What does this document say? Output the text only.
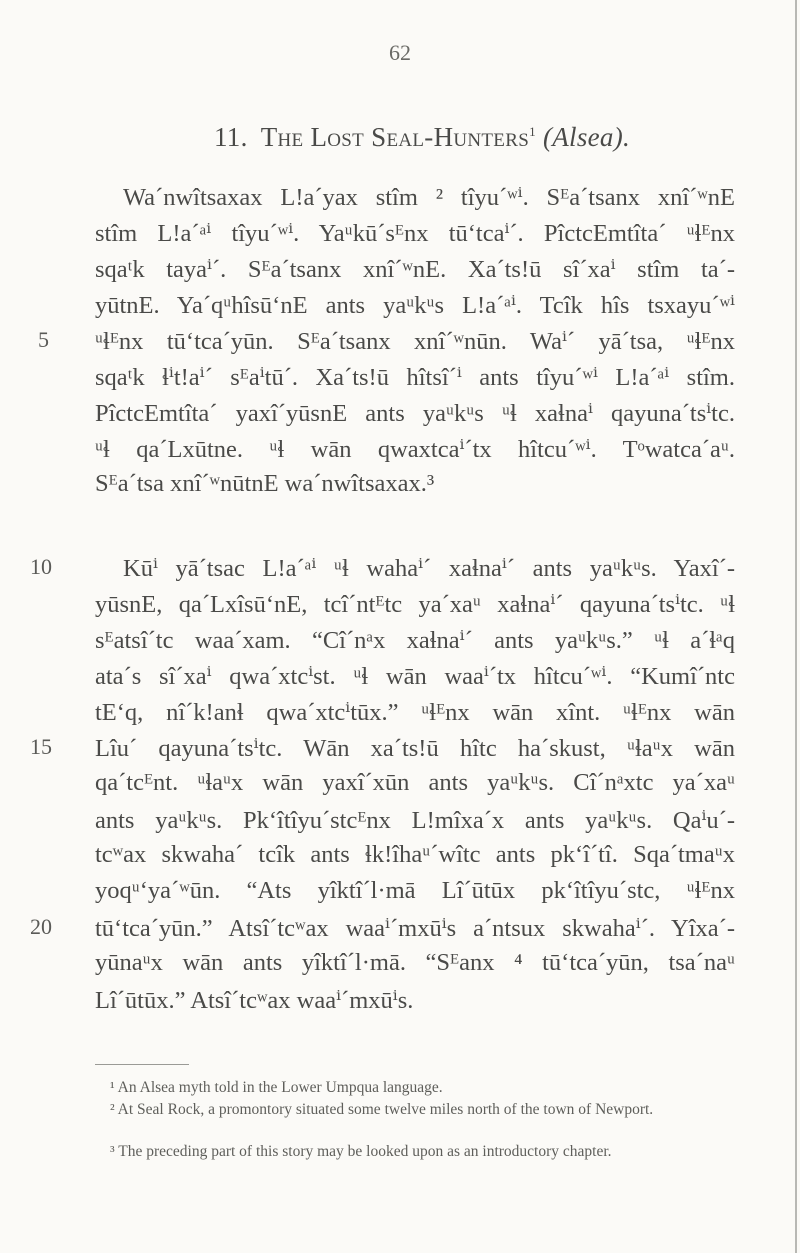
62
11. The Lost Seal-Hunters$^1$ (Alsea).
Wa´nwîtsaxax L!a´yax stîm ² tîyu´ʷⁱ. Sᴱa´tsanx xnî´ʷnE
stîm L!a´ᵃⁱ tîyu´ʷⁱ. Yaᵘkū´sᴱnx tū‘tcaⁱ´. PîctcEmtîta´ ᵘɬᴱnx
sqaᵗk tayaⁱ´. Sᴱa´tsanx xnî´ʷnE. Xa´ts!ū sî´xaⁱ stîm ta´-
yūtnE. Ya´qᵘhîsū‘nE ants yaᵘkᵘs L!a´ᵃⁱ. Tcîk hîs tsxayu´ʷⁱ
ᵘɬᴱnx tū‘tca´yūn. Sᴱa´tsanx xnî´ʷnūn. Waⁱ´ yā´tsa, ᵘɬᴱnx
sqaᵗk ɬⁱt!aⁱ´ sᴱaⁱtū´. Xa´ts!ū hîtsî´ⁱ ants tîyu´ʷⁱ L!a´ᵃⁱ stîm.
PîctcEmtîta´ yaxî´yūsnE ants yaᵘkᵘs ᵘɬ xaɬnaⁱ qayuna´tsⁱtc.
ᵘɬ qa´Lxūtne. ᵘɬ wān qwaxtcaⁱ´tx hîtcu´ʷⁱ. Tᵒwatca´aᵘ.
Sᴱa´tsa xnî´ʷnūtnE wa´nwîtsaxax.³
Kūⁱ yā´tsac L!a´ᵃⁱ ᵘɬ wahaⁱ´ xaɬnaⁱ´ ants yaᵘkᵘs. Yaxî´-
yūsnE, qa´Lxîsū‘nE, tcî´ntᴱtc ya´xaᵘ xaɬnaⁱ´ qayuna´tsⁱtc. ᵘɬ
sᴱatsî´tc waa´xam. “Cî´nᵃx xaɬnaⁱ´ ants yaᵘkᵘs.” ᵘɬ a´ɬᵃq
ata´s sî´xaⁱ qwa´xtcⁱst. ᵘɬ wān waaⁱ´tx hîtcu´ʷⁱ. “Kumî´ntc
tE‘q, nî´k!anɬ qwa´xtcⁱtūx.” ᵘɬᴱnx wān xînt. ᵘɬᴱnx wān
Lîu´ qayuna´tsⁱtc. Wān xa´ts!ū hîtc ha´skust, ᵘɬaᵘx wān
qa´tcᴱnt. ᵘɬaᵘx wān yaxî´xūn ants yaᵘkᵘs. Cî´nᵃxtc ya´xaᵘ
ants yaᵘkᵘs. Pk‘îtîyu´stcᴱnx L!mîxa´x ants yaᵘkᵘs. Qaⁱu´-
tcʷax skwaha´ tcîk ants ɬk!îhaᵘ´wîtc ants pk‘î´tî. Sqa´tmaᵘx
yoqᵘ‘ya´ʷūn. “Ats yîktî´l·mā Lî´ūtūx pk‘îtîyu´stc, ᵘɬᴱnx
tū‘tca´yūn.” Atsî´tcʷax waaⁱ´mxūⁱs a´ntsux skwahaⁱ´. Yîxa´-
yūnaᵘx wān ants yîktî´l·mā. “Sᴱanx ⁴ tū‘tca´yūn, tsa´naᵘ
Lî´ūtūx.” Atsî´tcʷax waaⁱ´mxūⁱs.
5
10
15
20
¹ An Alsea myth told in the Lower Umpqua language.
² At Seal Rock, a promontory situated some twelve miles north of the town of Newport.
³ The preceding part of this story may be looked upon as an introductory chapter.
